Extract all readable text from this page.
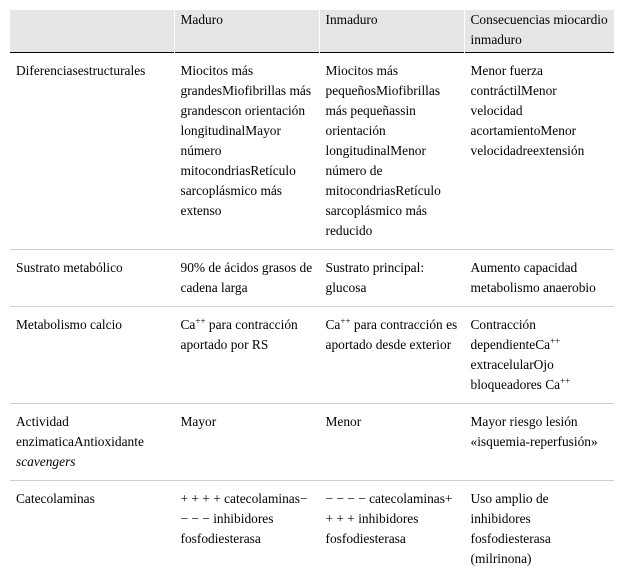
	Maduro	Inmaduro	Consecuencias miocardio inmaduro
Diferenciasestructurales	Miocitos más grandesMiofibrillas más grandescon orientación longitudinalMayor número mitocondriasRetículo sarcoplásmico más extenso	Miocitos más pequeñosMiofibrillas más pequeñassin orientación longitudinalMenor número de mitocondriasRetículo sarcoplásmico más reducido	Menor fuerza contráctilMenor velocidad acortamientoMenor velocidadreextensión
Sustrato metabólico	90% de ácidos grasos de cadena larga	Sustrato principal: glucosa	Aumento capacidad metabolismo anaerobio
Metabolismo calcio	Ca++ para contracción aportado por RS	Ca++ para contracción es aportado desde exterior	Contracción dependienteCa++ extracelularOjo bloqueadores Ca++
Actividad enzimaticaAntioxidante scavengers	Mayor	Menor	Mayor riesgo lesión «isquemia-reperfusión»
Catecolaminas	+ + + + catecolaminas− − − − inhibidores fosfodiesterasa	− − − − catecolaminas+ + + + inhibidores fosfodiesterasa	Uso amplio de inhibidores fosfodiesterasa (milrinona)
